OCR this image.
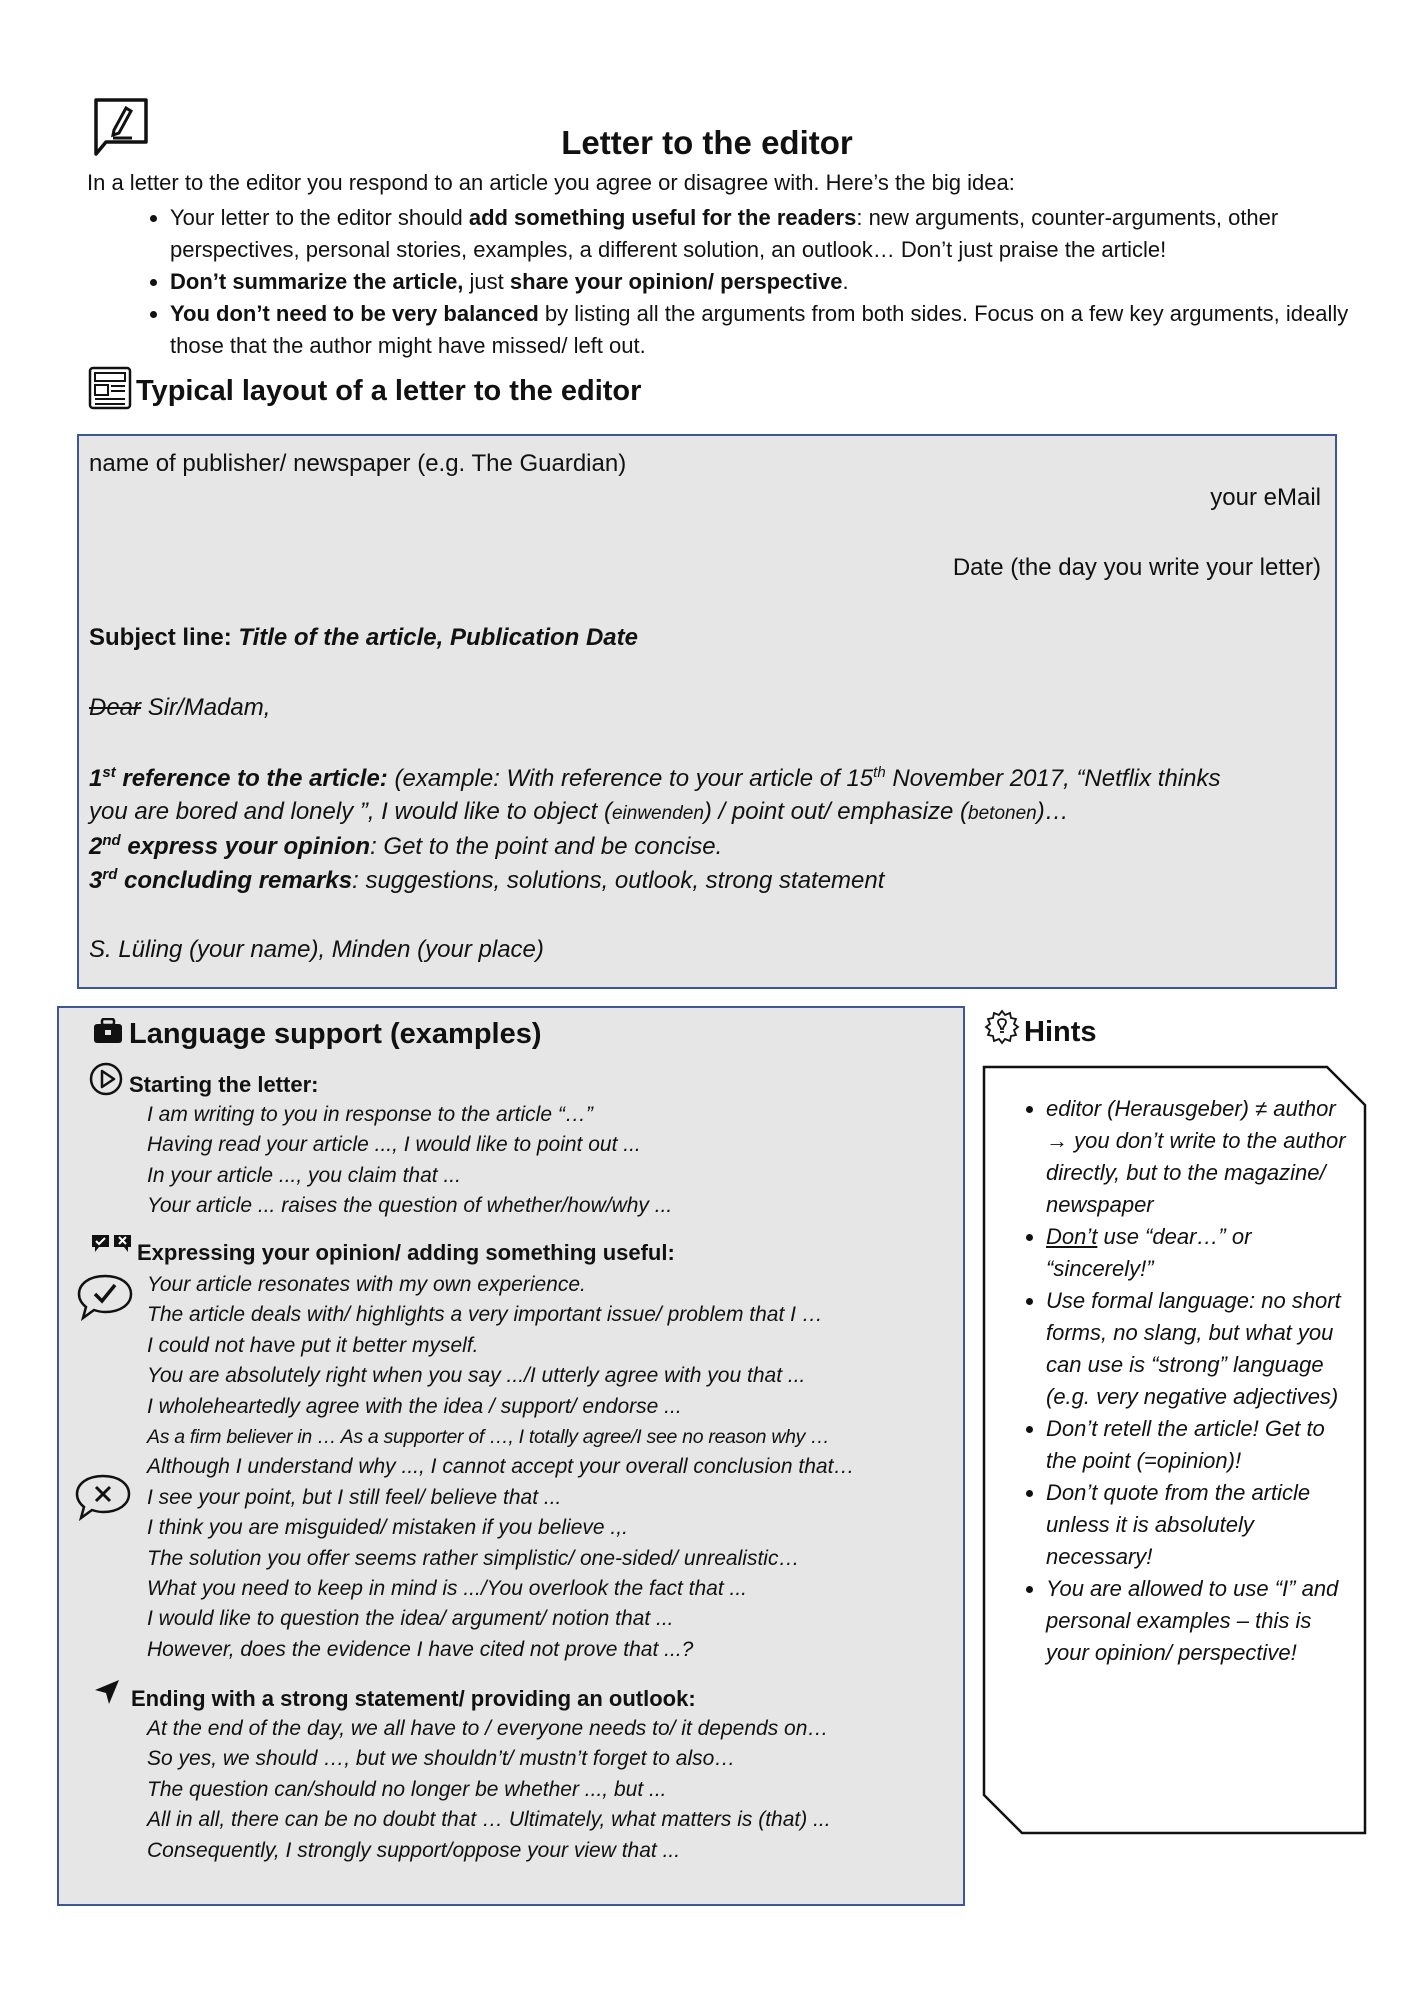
Letter to the editor
In a letter to the editor you respond to an article you agree or disagree with. Here’s the big idea:
• Your letter to the editor should add something useful for the readers: new arguments, counter-arguments, other perspectives, personal stories, examples, a different solution, an outlook… Don’t just praise the article!
• Don’t summarize the article, just share your opinion/ perspective.
• You don’t need to be very balanced by listing all the arguments from both sides. Focus on a few key arguments, ideally those that the author might have missed/ left out.
Typical layout of a letter to the editor
name of publisher/ newspaper (e.g. The Guardian)
your eMail
Date (the day you write your letter)
Subject line: Title of the article, Publication Date
Dear Sir/Madam,
1st reference to the article: (example: With reference to your article of 15th November 2017, “Netflix thinks
you are bored and lonely ”, I would like to object (einwenden) / point out/ emphasize (betonen)…
2nd express your opinion: Get to the point and be concise.
3rd concluding remarks: suggestions, solutions, outlook, strong statement
S. Lüling (your name), Minden (your place)
Language support (examples)
Starting the letter:
I am writing to you in response to the article “…”
Having read your article ..., I would like to point out ...
In your article ..., you claim that ...
Your article ... raises the question of whether/how/why ...
Expressing your opinion/ adding something useful:
Your article resonates with my own experience.
The article deals with/ highlights a very important issue/ problem that I …
I could not have put it better myself.
You are absolutely right when you say .../I utterly agree with you that ...
I wholeheartedly agree with the idea / support/ endorse ...
As a firm believer in … As a supporter of …, I totally agree/I see no reason why …
Although I understand why ..., I cannot accept your overall conclusion that…
I see your point, but I still feel/ believe that ...
I think you are misguided/ mistaken if you believe .,.
The solution you offer seems rather simplistic/ one-sided/ unrealistic…
What you need to keep in mind is .../You overlook the fact that ...
I would like to question the idea/ argument/ notion that ...
However, does the evidence I have cited not prove that ...?
Ending with a strong statement/ providing an outlook:
At the end of the day, we all have to / everyone needs to/ it depends on…
So yes, we should …, but we shouldn’t/ mustn’t forget to also…
The question can/should no longer be whether ..., but ...
All in all, there can be no doubt that … Ultimately, what matters is (that) ...
Consequently, I strongly support/oppose your view that ...
Hints
• editor (Herausgeber) ≠ author → you don’t write to the author directly, but to the magazine/ newspaper
• Don’t use “dear…” or “sincerely!”
• Use formal language: no short forms, no slang, but what you can use is “strong” language (e.g. very negative adjectives)
• Don’t retell the article! Get to the point (=opinion)!
• Don’t quote from the article unless it is absolutely necessary!
• You are allowed to use “I” and personal examples – this is your opinion/ perspective!
